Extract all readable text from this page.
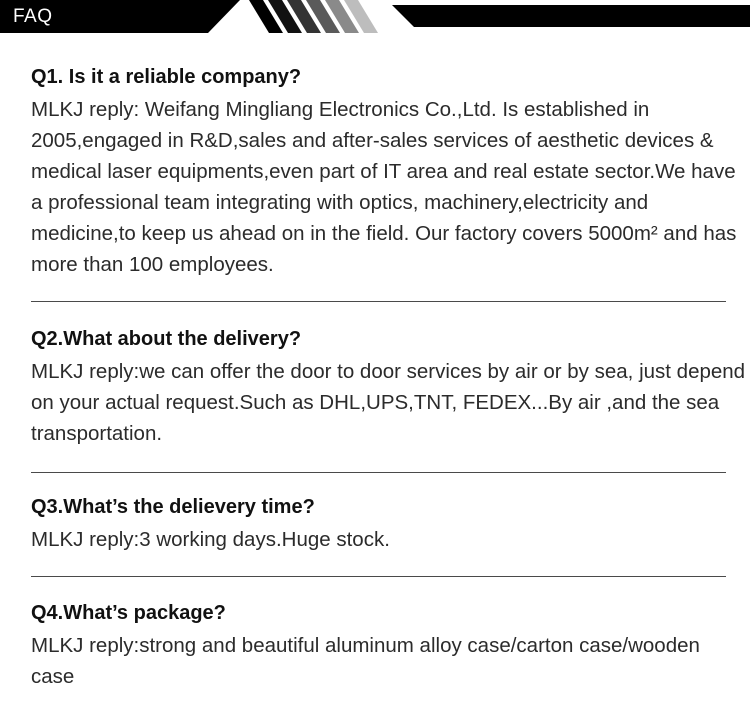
FAQ

Q1. Is it a reliable company?

MLKJ reply: Weifang Mingliang Electronics Co.,Ltd. Is established in 2005,engaged in R&D,sales and after-sales services of aesthetic devices & medical laser equipments,even part of IT area and real estate sector.We have a professional team integrating with optics, machinery,electricity and medicine,to keep us ahead on in the field. Our factory covers 5000m² and has more than 100 employees.

Q2.What about the delivery?

MLKJ reply:we can offer the door to door services by air or by sea, just depend on your actual request.Such as DHL,UPS,TNT, FEDEX...By air ,and the sea transportation.

Q3.What’s the delievery time?

MLKJ reply:3 working days.Huge stock.

Q4.What’s package?

MLKJ reply:strong and beautiful aluminum alloy case/carton case/wooden case
